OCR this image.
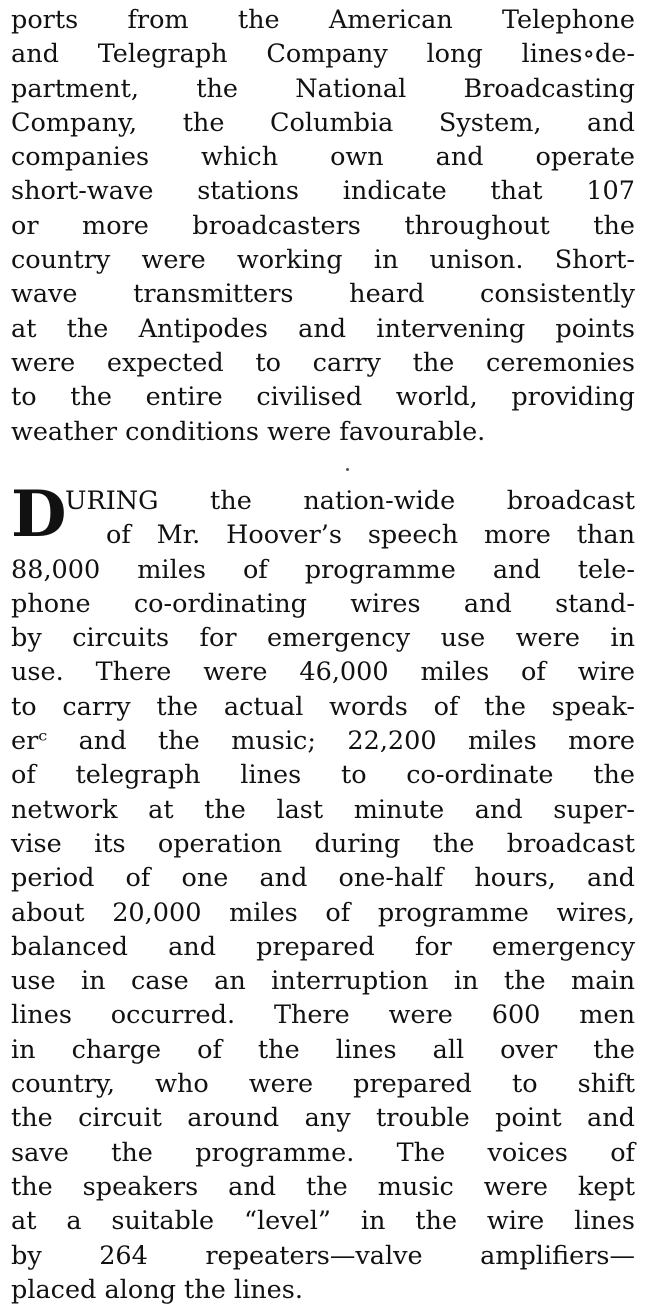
ports from the American Telephone
and Telegraph Company long lines∘de-
partment, the National Broadcasting
Company, the Columbia System, and
companies which own and operate
short-wave stations indicate that 107
or more broadcasters throughout the
country were working in unison. Short-
wave transmitters heard consistently
at the Antipodes and intervening points
were expected to carry the ceremonies
to the entire civilised world, providing
weather conditions were favourable.
D
URING the nation-wide broadcast
of Mr. Hoover’s speech more than
88,000 miles of programme and tele-
phone co-ordinating wires and stand-
by circuits for emergency use were in
use. There were 46,000 miles of wire
to carry the actual words of the speak-
erᶜ and the music; 22,200 miles more
of telegraph lines to co-ordinate the
network at the last minute and super-
vise its operation during the broadcast
period of one and one-half hours, and
about 20,000 miles of programme wires,
balanced and prepared for emergency
use in case an interruption in the main
lines occurred. There were 600 men
in charge of the lines all over the
country, who were prepared to shift
the circuit around any trouble point and
save the programme. The voices of
the speakers and the music were kept
at a suitable “level” in the wire lines
by 264 repeaters—valve amplifiers—
placed along the lines.
